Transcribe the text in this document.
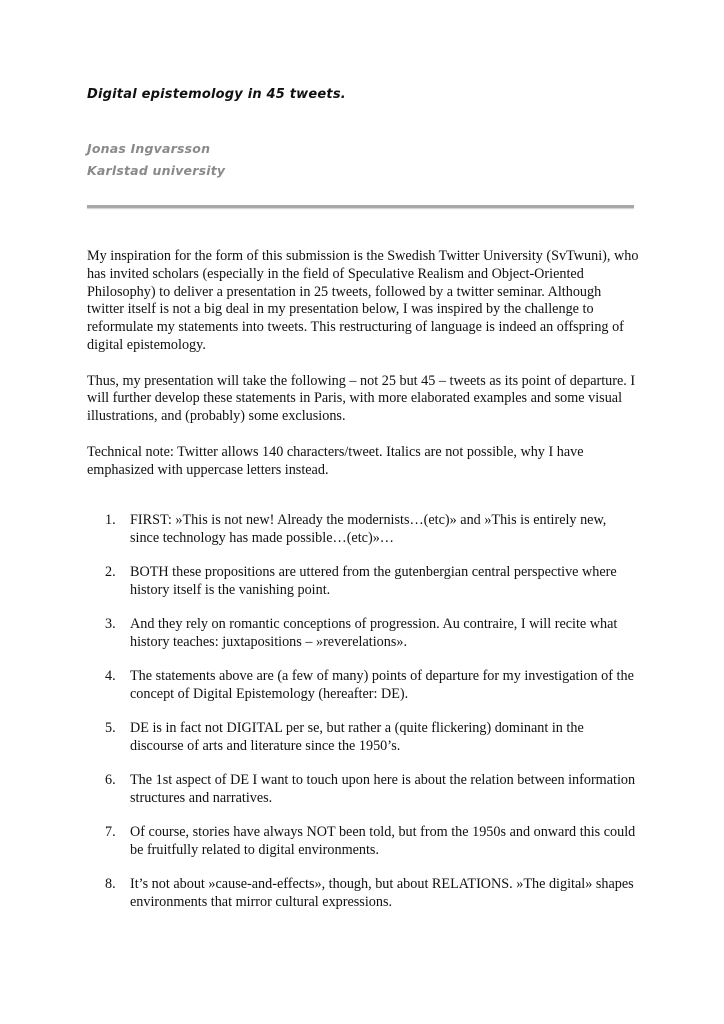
Digital epistemology in 45 tweets.
Jonas Ingvarsson
Karlstad university

My inspiration for the form of this submission is the Swedish Twitter University (SvTwuni), who has invited scholars (especially in the field of Speculative Realism and Object-Oriented Philosophy) to deliver a presentation in 25 tweets, followed by a twitter seminar. Although twitter itself is not a big deal in my presentation below, I was inspired by the challenge to reformulate my statements into tweets. This restructuring of language is indeed an offspring of digital epistemology.

Thus, my presentation will take the following – not 25 but 45 – tweets as its point of departure. I will further develop these statements in Paris, with more elaborated examples and some visual illustrations, and (probably) some exclusions.

Technical note: Twitter allows 140 characters/tweet. Italics are not possible, why I have emphasized with uppercase letters instead.

1. FIRST: »This is not new! Already the modernists…(etc)» and »This is entirely new, since technology has made possible…(etc)»…
2. BOTH these propositions are uttered from the gutenbergian central perspective where history itself is the vanishing point.
3. And they rely on romantic conceptions of progression. Au contraire, I will recite what history teaches: juxtapositions – »reverelations».
4. The statements above are (a few of many) points of departure for my investigation of the concept of Digital Epistemology (hereafter: DE).
5. DE is in fact not DIGITAL per se, but rather a (quite flickering) dominant in the discourse of arts and literature since the 1950’s.
6. The 1st aspect of DE I want to touch upon here is about the relation between information structures and narratives.
7. Of course, stories have always NOT been told, but from the 1950s and onward this could be fruitfully related to digital environments.
8. It’s not about »cause-and-effects», though, but about RELATIONS. »The digital» shapes environments that mirror cultural expressions.
